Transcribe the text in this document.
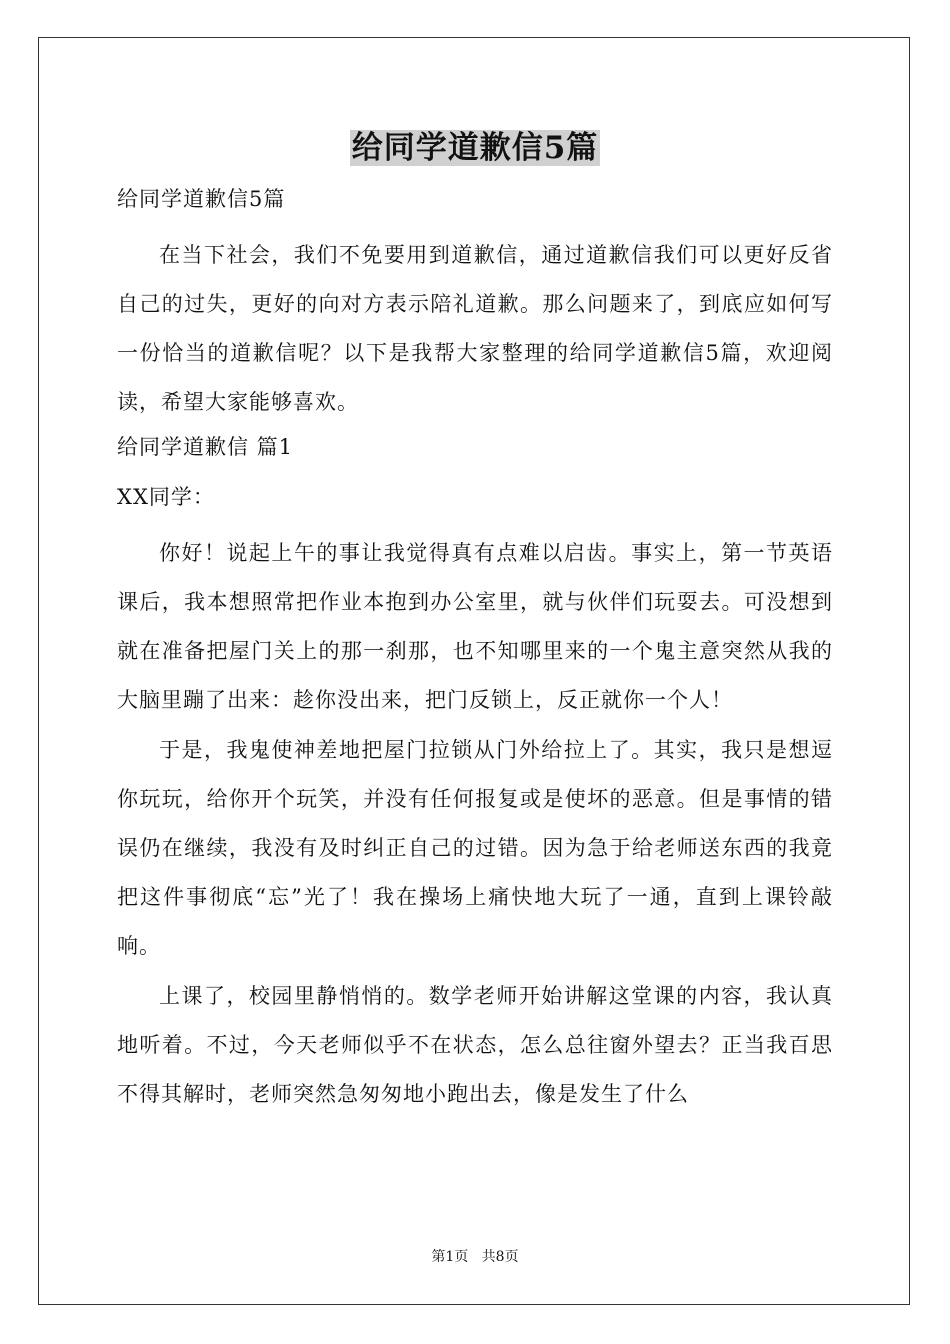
给同学道歉信5篇
给同学道歉信5篇
在当下社会，我们不免要用到道歉信，通过道歉信我们可以更好反省自己的过失，更好的向对方表示陪礼道歉。那么问题来了，到底应如何写一份恰当的道歉信呢？以下是我帮大家整理的给同学道歉信5篇，欢迎阅读，希望大家能够喜欢。
给同学道歉信 篇1
XX同学：
你好！说起上午的事让我觉得真有点难以启齿。事实上，第一节英语课后，我本想照常把作业本抱到办公室里，就与伙伴们玩耍去。可没想到就在准备把屋门关上的那一刹那，也不知哪里来的一个鬼主意突然从我的大脑里蹦了出来：趁你没出来，把门反锁上，反正就你一个人！
于是，我鬼使神差地把屋门拉锁从门外给拉上了。其实，我只是想逗你玩玩，给你开个玩笑，并没有任何报复或是使坏的恶意。但是事情的错误仍在继续，我没有及时纠正自己的过错。因为急于给老师送东西的我竟把这件事彻底“忘”光了！我在操场上痛快地大玩了一通，直到上课铃敲响。
上课了，校园里静悄悄的。数学老师开始讲解这堂课的内容，我认真地听着。不过，今天老师似乎不在状态，怎么总往窗外望去？正当我百思不得其解时，老师突然急匆匆地小跑出去，像是发生了什么
第1页   共8页
